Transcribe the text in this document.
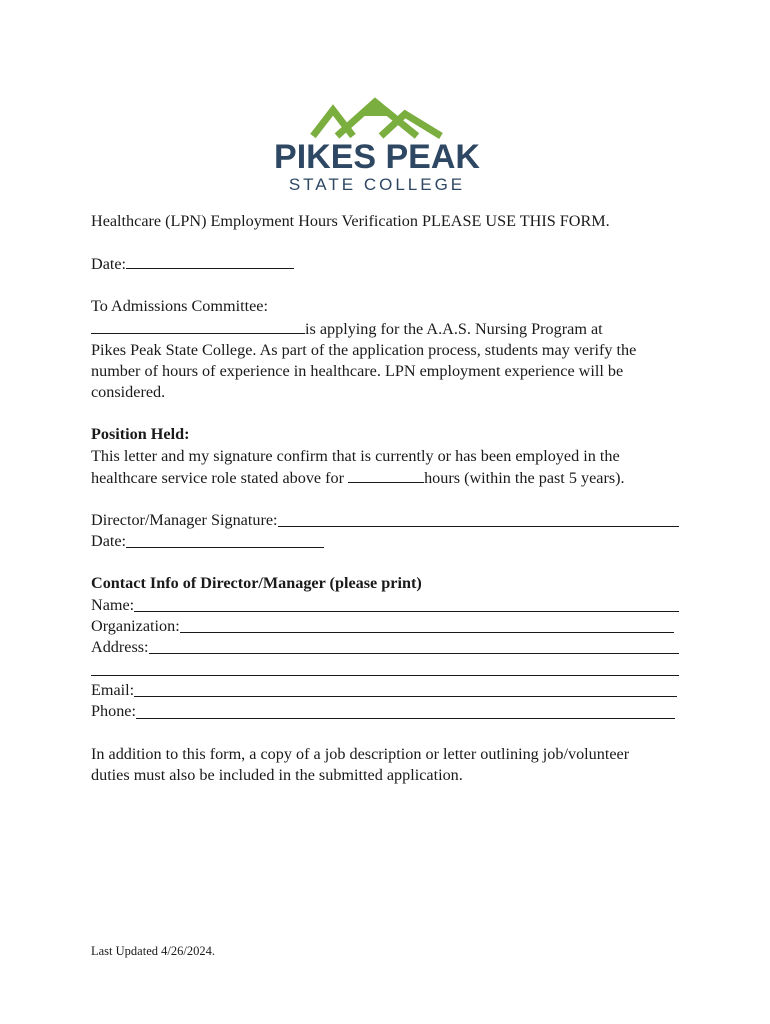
PIKES PEAK
STATE COLLEGE

Healthcare (LPN) Employment Hours Verification PLEASE USE THIS FORM.

Date:

To Admissions Committee:

is applying for the A.A.S. Nursing Program at

Pikes Peak State College. As part of the application process, students may verify the number of hours of experience in healthcare. LPN employment experience will be considered.

Position Held:

This letter and my signature confirm that is currently or has been employed in the healthcare service role stated above for	hours (within the past 5 years).

Director/Manager Signature:
Date:

Contact Info of Director/Manager (please print)

Name:
Organization:
Address:
Email:
Phone:

In addition to this form, a copy of a job description or letter outlining job/volunteer duties must also be included in the submitted application.

Last Updated 4/26/2024.
